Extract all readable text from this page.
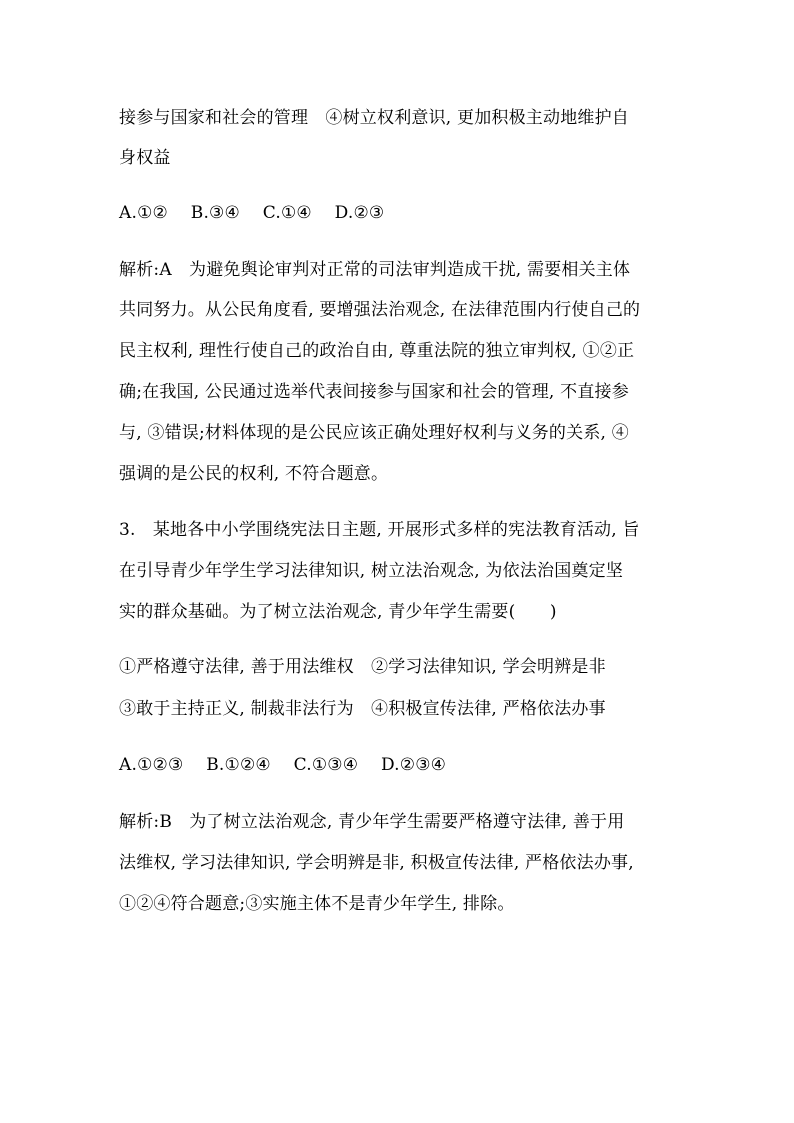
接参与国家和社会的管理　④树立权利意识, 更加积极主动地维护自
身权益
A.①②　 B.③④　 C.①④　 D.②③
解析:A　为避免舆论审判对正常的司法审判造成干扰, 需要相关主体
共同努力。从公民角度看, 要增强法治观念, 在法律范围内行使自己的
民主权利, 理性行使自己的政治自由, 尊重法院的独立审判权, ①②正
确;在我国, 公民通过选举代表间接参与国家和社会的管理, 不直接参
与, ③错误;材料体现的是公民应该正确处理好权利与义务的关系, ④
强调的是公民的权利, 不符合题意。
3.　某地各中小学围绕宪法日主题, 开展形式多样的宪法教育活动, 旨
在引导青少年学生学习法律知识, 树立法治观念, 为依法治国奠定坚
实的群众基础。为了树立法治观念, 青少年学生需要(　　)
①严格遵守法律, 善于用法维权　②学习法律知识, 学会明辨是非
③敢于主持正义, 制裁非法行为　④积极宣传法律, 严格依法办事
A.①②③　 B.①②④　 C.①③④　 D.②③④
解析:B　为了树立法治观念, 青少年学生需要严格遵守法律, 善于用
法维权, 学习法律知识, 学会明辨是非, 积极宣传法律, 严格依法办事,
①②④符合题意;③实施主体不是青少年学生, 排除。
